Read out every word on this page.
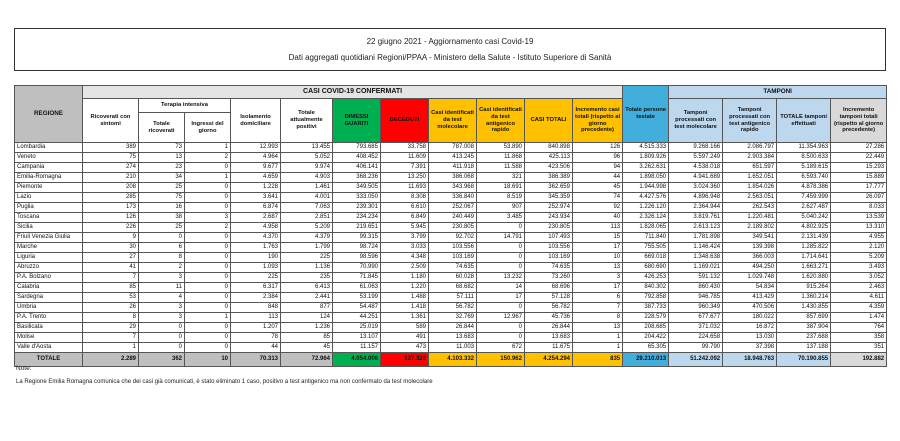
22 giugno 2021 - Aggiornamento casi Covid-19
Dati aggregati quotidiani Regioni/PPAA - Ministero della Salute - Istituto Superiore di Sanità
REGIONE	CASI COVID-19 CONFERMATI											Totale persone testate	TAMPONI			
	Ricoverati con sintomi	Terapia intensiva		Isolamento domiciliare	Totale attualmente positivi	DIMESSI GUARITI	DECEDUTI	Casi identificati da test molecolare	Casi identificati da test antigenico rapido	CASI TOTALI	Incremento casi totali (rispetto al giorno precedente)		Tamponi processati con test molecolare	Tamponi processati con test antigenico rapido	TOTALE tamponi effettuati	Incremento tamponi totali (rispetto al giorno precedente)
		Totale ricoverati	Ingressi del giorno													
Lombardia	389	73	1	12.993	13.455	793.685	33.758	787.008	53.890	840.898	126	4.515.333	9.268.166	2.086.797	11.354.963	27.286
Veneto	75	13	2	4.964	5.052	408.452	11.609	413.245	11.868	425.113	96	1.809.926	5.597.249	2.903.384	8.500.633	22.449
Campania	274	23	0	9.677	9.974	406.141	7.391	411.918	11.588	423.506	94	3.262.631	4.538.018	651.597	5.189.615	15.293
Emilia-Romagna	210	34	1	4.659	4.903	368.236	13.250	386.068	321	386.389	44	1.898.050	4.941.689	1.652.051	6.593.740	15.889
Piemonte	208	25	0	1.228	1.461	349.505	11.693	343.968	18.691	362.659	45	1.944.998	3.024.360	1.854.026	4.878.386	17.777
Lazio	285	75	0	3.641	4.001	333.050	8.308	336.840	8.519	345.359	74	4.427.576	4.896.948	2.563.051	7.459.999	26.097
Puglia	173	16	0	6.874	7.063	239.301	6.610	252.067	907	252.974	92	1.226.120	2.364.944	262.543	2.627.487	8.033
Toscana	126	38	3	2.687	2.851	234.234	6.849	240.449	3.485	243.934	40	2.326.124	3.819.761	1.220.481	5.040.242	13.539
Sicilia	226	25	2	4.958	5.209	219.651	5.945	230.805	0	230.805	113	1.828.065	2.613.123	2.189.802	4.802.925	13.310
Friuli Venezia Giulia	9	0	0	4.370	4.379	99.315	3.799	92.702	14.791	107.493	15	711.840	1.781.898	349.541	2.131.439	4.955
Marche	30	6	0	1.763	1.799	98.724	3.033	103.556	0	103.556	17	755.505	1.146.424	139.398	1.285.822	2.120
Liguria	27	8	0	190	225	98.596	4.348	103.169	0	103.169	10	669.018	1.348.638	366.003	1.714.641	5.209
Abruzzo	41	2	0	1.093	1.136	70.990	2.509	74.635	0	74.635	13	680.690	1.169.021	494.250	1.663.271	3.493
P.A. Bolzano	7	3	0	225	235	71.845	1.180	60.028	13.232	73.260	3	426.253	591.132	1.029.748	1.620.880	3.052
Calabria	85	11	0	6.317	6.413	61.063	1.220	68.682	14	68.696	17	840.302	860.430	54.834	915.264	2.463
Sardegna	53	4	0	2.384	2.441	53.199	1.488	57.111	17	57.128	6	792.858	946.785	413.429	1.360.214	4.611
Umbria	26	3	0	848	877	54.487	1.418	56.782	0	56.782	7	387.733	960.349	470.506	1.430.855	4.359
P.A. Trento	8	3	1	113	124	44.251	1.361	32.769	12.967	45.736	8	228.579	677.677	180.022	857.699	1.474
Basilicata	29	0	0	1.207	1.236	25.019	589	26.844	0	26.844	13	208.685	371.032	16.872	387.904	764
Molise	7	0	0	78	85	13.107	491	13.683	0	13.683	1	204.422	224.658	13.030	237.688	358
Valle d'Aosta	1	0	0	44	45	11.157	473	11.003	672	11.675	1	65.305	99.790	37.398	137.188	351
TOTALE	2.289	362	10	70.313	72.964	4.054.008	127.322	4.103.332	150.962	4.254.294	835	29.210.013	51.242.092	18.948.763	70.190.855	192.882
Note:
La Regione Emilia Romagna comunica che dei casi già comunicati, è stato eliminato 1 caso, positivo a test antigenico ma non confermato da test molecolare
